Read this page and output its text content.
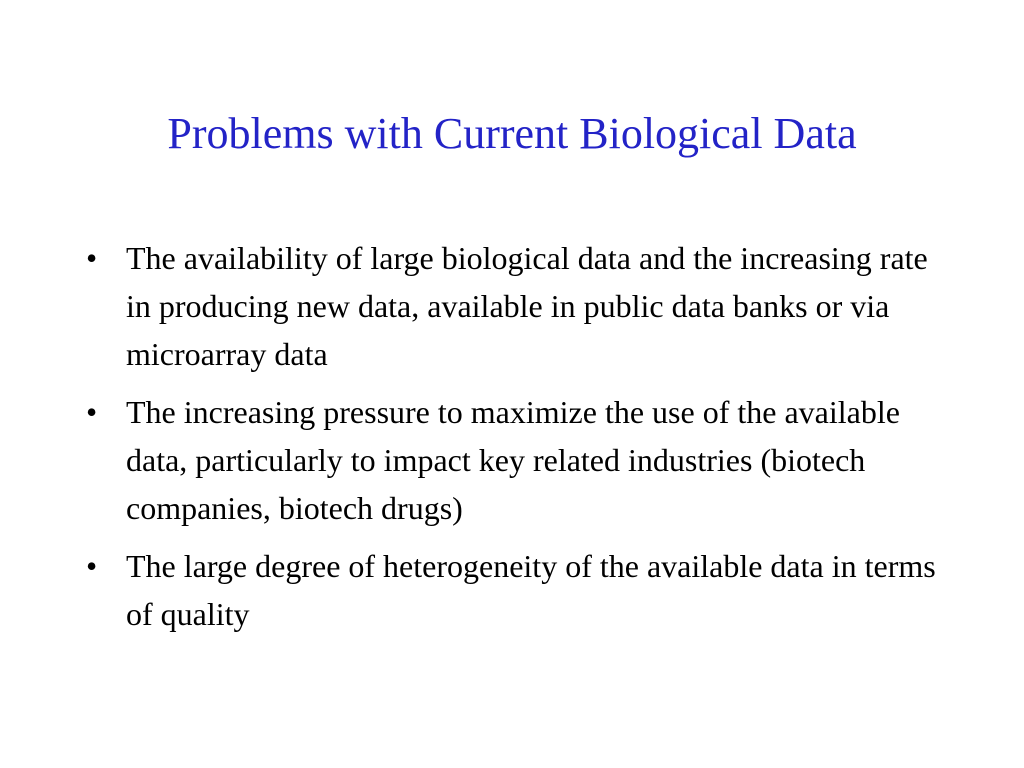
Problems with Current Biological Data
• The availability of large biological data and the increasing rate in producing new data, available in public data banks or via microarray data
• The increasing pressure to maximize the use of the available data, particularly to impact key related industries (biotech companies, biotech drugs)
• The large degree of heterogeneity of the available data in terms of quality
